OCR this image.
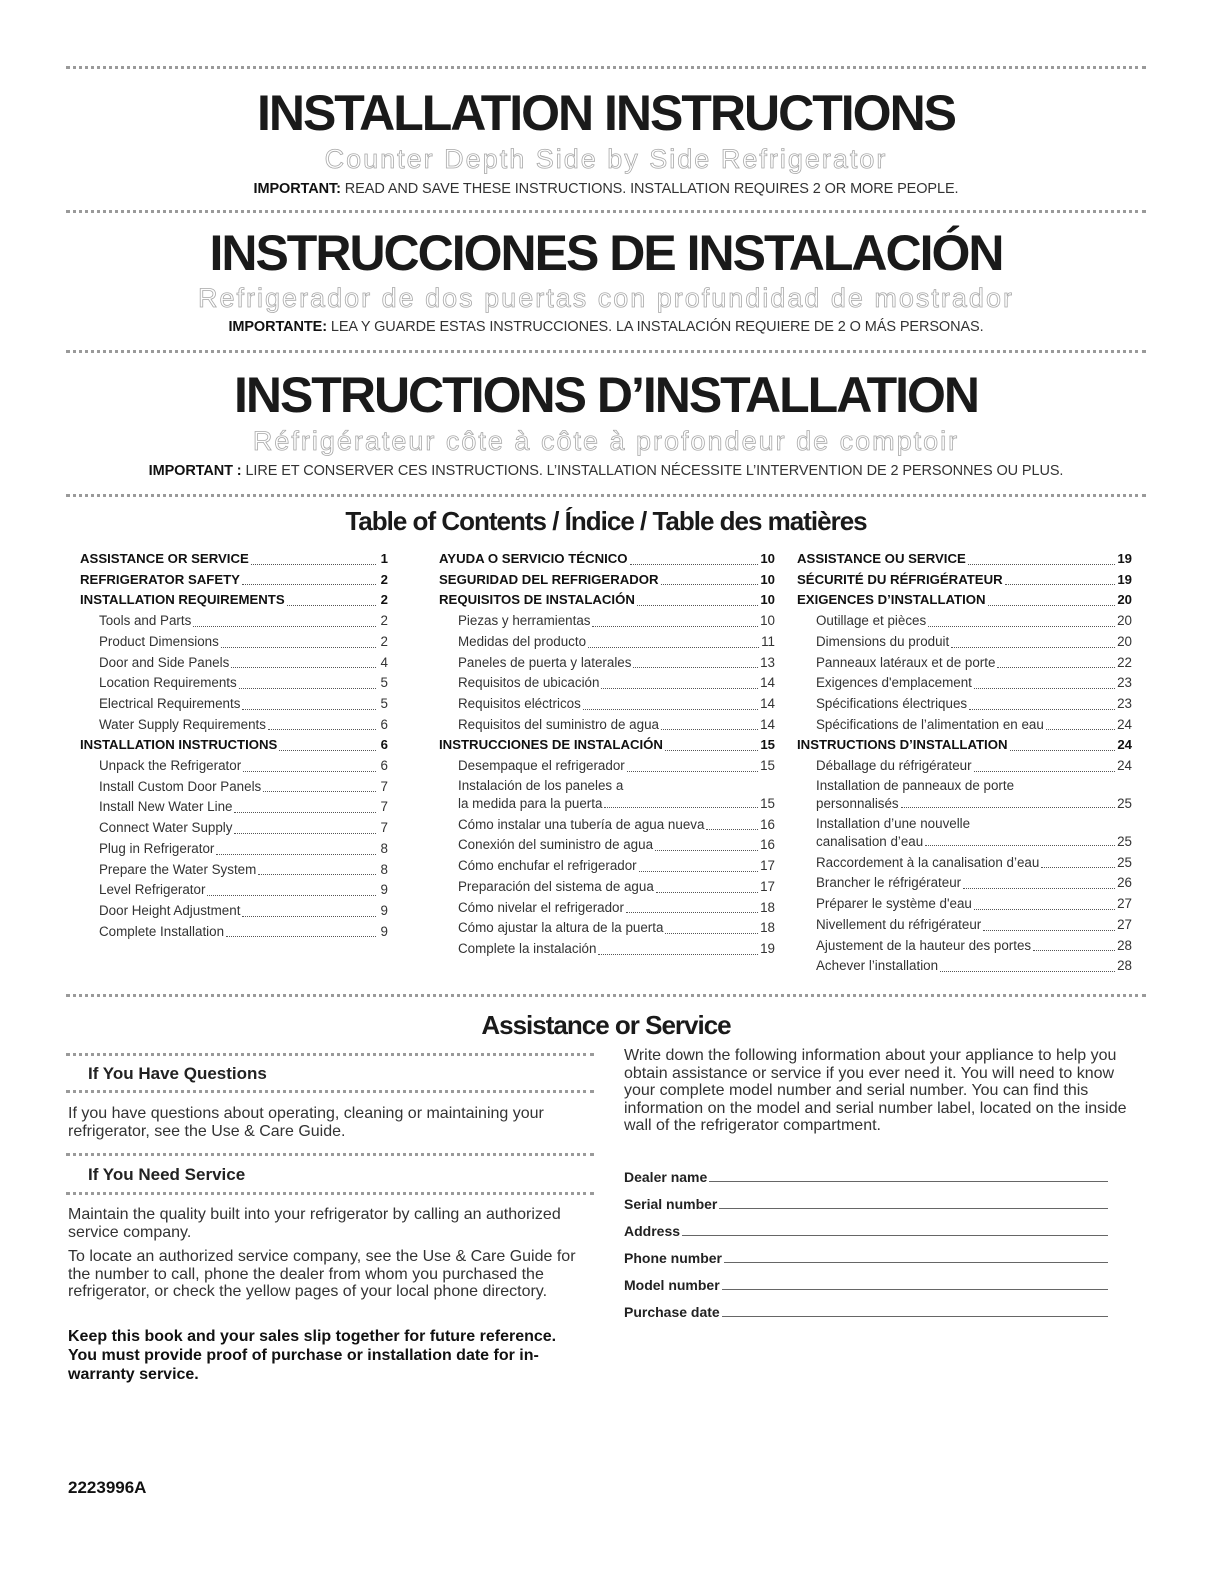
INSTALLATION INSTRUCTIONS
Counter Depth Side by Side Refrigerator
IMPORTANT: READ AND SAVE THESE INSTRUCTIONS. INSTALLATION REQUIRES 2 OR MORE PEOPLE.
INSTRUCCIONES DE INSTALACIÓN
Refrigerador de dos puertas con profundidad de mostrador
IMPORTANTE: LEA Y GUARDE ESTAS INSTRUCCIONES. LA INSTALACIÓN REQUIERE DE 2 O MÁS PERSONAS.
INSTRUCTIONS D’INSTALLATION
Réfrigérateur côte à côte à profondeur de comptoir
IMPORTANT : LIRE ET CONSERVER CES INSTRUCTIONS. L’INSTALLATION NÉCESSITE L’INTERVENTION DE 2 PERSONNES OU PLUS.
Table of Contents / Índice / Table des matières
ASSISTANCE OR SERVICE	1
REFRIGERATOR SAFETY	2
INSTALLATION REQUIREMENTS	2
Tools and Parts	2
Product Dimensions	2
Door and Side Panels	4
Location Requirements	5
Electrical Requirements	5
Water Supply Requirements	6
INSTALLATION INSTRUCTIONS	6
Unpack the Refrigerator	6
Install Custom Door Panels	7
Install New Water Line	7
Connect Water Supply	7
Plug in Refrigerator	8
Prepare the Water System	8
Level Refrigerator	9
Door Height Adjustment	9
Complete Installation	9
AYUDA O SERVICIO TÉCNICO	10
SEGURIDAD DEL REFRIGERADOR	10
REQUISITOS DE INSTALACIÓN	10
Piezas y herramientas	10
Medidas del producto	11
Paneles de puerta y laterales	13
Requisitos de ubicación	14
Requisitos eléctricos	14
Requisitos del suministro de agua	14
INSTRUCCIONES DE INSTALACIÓN	15
Desempaque el refrigerador	15
Instalación de los paneles a
la medida para la puerta	15
Cómo instalar una tubería de agua nueva	16
Conexión del suministro de agua	16
Cómo enchufar el refrigerador	17
Preparación del sistema de agua	17
Cómo nivelar el refrigerador	18
Cómo ajustar la altura de la puerta	18
Complete la instalación	19
ASSISTANCE OU SERVICE	19
SÉCURITÉ DU RÉFRIGÉRATEUR	19
EXIGENCES D’INSTALLATION	20
Outillage et pièces	20
Dimensions du produit	20
Panneaux latéraux et de porte	22
Exigences d'emplacement	23
Spécifications électriques	23
Spécifications de l’alimentation en eau	24
INSTRUCTIONS D’INSTALLATION	24
Déballage du réfrigérateur	24
Installation de panneaux de porte
personnalisés	25
Installation d’une nouvelle
canalisation d’eau	25
Raccordement à la canalisation d’eau	25
Brancher le réfrigérateur	26
Préparer le système d'eau	27
Nivellement du réfrigérateur	27
Ajustement de la hauteur des portes	28
Achever l’installation	28
Assistance or Service
If You Have Questions
If you have questions about operating, cleaning or maintaining your refrigerator, see the Use & Care Guide.
If You Need Service
Maintain the quality built into your refrigerator by calling an authorized service company.
To locate an authorized service company, see the Use & Care Guide for the number to call, phone the dealer from whom you purchased the refrigerator, or check the yellow pages of your local phone directory.
Keep this book and your sales slip together for future reference. You must provide proof of purchase or installation date for in-warranty service.
Write down the following information about your appliance to help you obtain assistance or service if you ever need it. You will need to know your complete model number and serial number. You can find this information on the model and serial number label, located on the inside wall of the refrigerator compartment.
Dealer name
Serial number
Address
Phone number
Model number
Purchase date
2223996A
